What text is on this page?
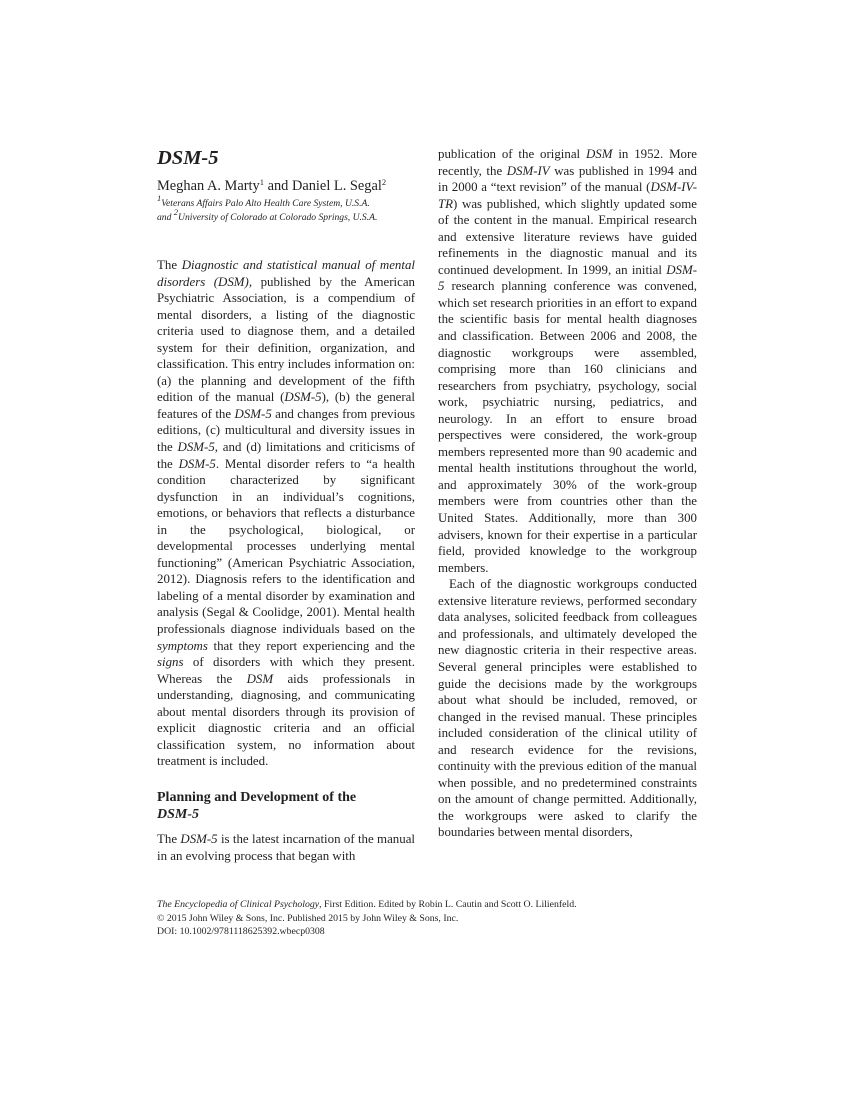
DSM-5
Meghan A. Marty$^1$ and Daniel L. Segal$^2$
$^1$Veterans Affairs Palo Alto Health Care System, U.S.A.
and $^2$University of Colorado at Colorado Springs, U.S.A.

The Diagnostic and statistical manual of mental disorders (DSM), published by the American Psychiatric Association, is a compendium of mental disorders, a listing of the diagnostic criteria used to diagnose them, and a detailed system for their definition, organization, and classification. This entry includes information on: (a) the planning and development of the fifth edition of the manual (DSM-5), (b) the general features of the DSM-5 and changes from previous editions, (c) multicultural and diversity issues in the DSM-5, and (d) limitations and criticisms of the DSM-5. Mental disorder refers to “a health condition characterized by significant dysfunction in an individual’s cognitions, emotions, or behaviors that reflects a disturbance in the psychological, biological, or developmental processes underlying mental functioning” (American Psychiatric Association, 2012). Diagnosis refers to the identification and labeling of a mental disorder by examination and analysis (Segal & Coolidge, 2001). Mental health professionals diagnose individuals based on the symptoms that they report experiencing and the signs of disorders with which they present. Whereas the DSM aids professionals in understanding, diagnosing, and communicating about mental disorders through its provision of explicit diagnostic criteria and an official classification system, no information about treatment is included.

Planning and Development of the
DSM-5

The DSM-5 is the latest incarnation of the manual in an evolving process that began with

publication of the original DSM in 1952. More recently, the DSM-IV was published in 1994 and in 2000 a “text revision” of the manual (DSM-IV-TR) was published, which slightly updated some of the content in the manual. Empirical research and extensive literature reviews have guided refinements in the diagnostic manual and its continued development. In 1999, an initial DSM-5 research planning conference was convened, which set research priorities in an effort to expand the scientific basis for mental health diagnoses and classification. Between 2006 and 2008, the diagnostic workgroups were assembled, comprising more than 160 clinicians and researchers from psychiatry, psychology, social work, psychiatric nursing, pediatrics, and neurology. In an effort to ensure broad perspectives were considered, the work-group members represented more than 90 academic and mental health institutions throughout the world, and approximately 30% of the work-group members were from countries other than the United States. Additionally, more than 300 advisers, known for their expertise in a particular field, provided knowledge to the workgroup members.

Each of the diagnostic workgroups conducted extensive literature reviews, performed secondary data analyses, solicited feedback from colleagues and professionals, and ultimately developed the new diagnostic criteria in their respective areas. Several general principles were established to guide the decisions made by the workgroups about what should be included, removed, or changed in the revised manual. These principles included consideration of the clinical utility of and research evidence for the revisions, continuity with the previous edition of the manual when possible, and no predetermined constraints on the amount of change permitted. Additionally, the workgroups were asked to clarify the boundaries between mental disorders,

The Encyclopedia of Clinical Psychology, First Edition. Edited by Robin L. Cautin and Scott O. Lilienfeld.
© 2015 John Wiley & Sons, Inc. Published 2015 by John Wiley & Sons, Inc.
DOI: 10.1002/9781118625392.wbecp0308
